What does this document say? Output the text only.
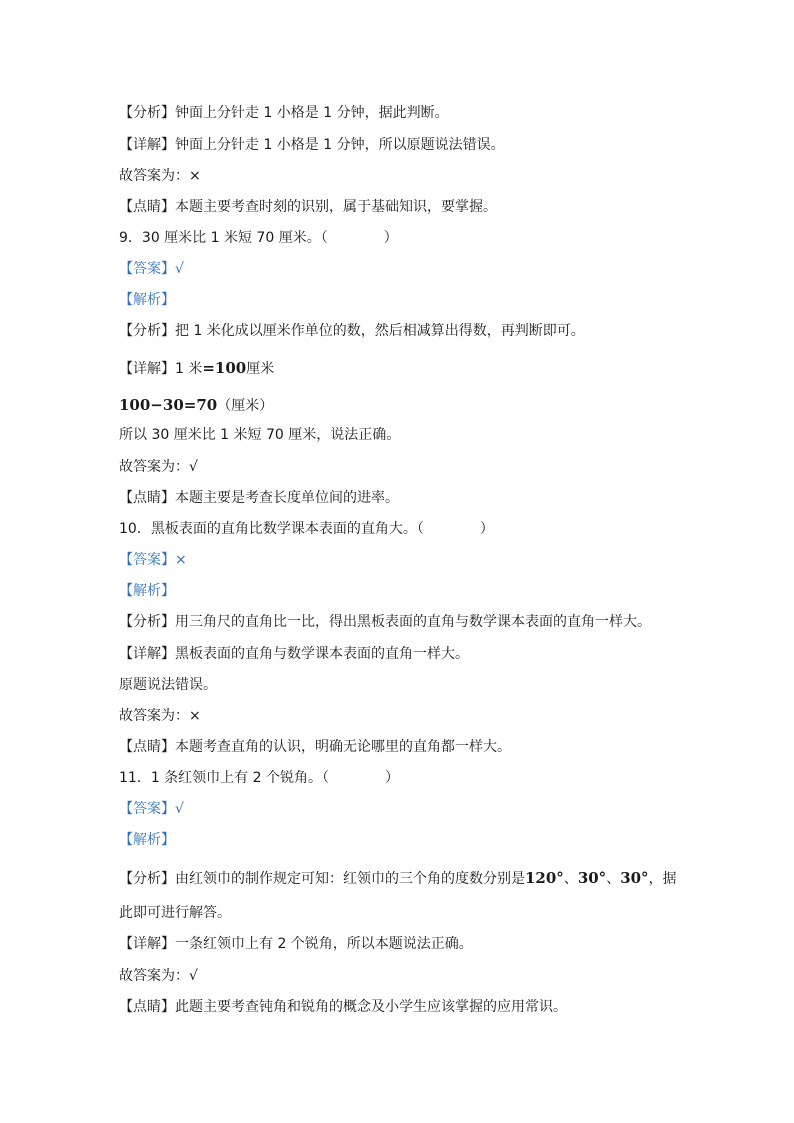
【分析】钟面上分针走 1 小格是 1 分钟，据此判断。
【详解】钟面上分针走 1 小格是 1 分钟，所以原题说法错误。
故答案为：×
【点睛】本题主要考查时刻的识别，属于基础知识，要掌握。
9．30 厘米比 1 米短 70 厘米。（　　　　）
【答案】√
【解析】
【分析】把 1 米化成以厘米作单位的数，然后相减算出得数，再判断即可。
【详解】1 米=100厘米
100−30=70（厘米）
所以 30 厘米比 1 米短 70 厘米，说法正确。
故答案为：√
【点睛】本题主要是考查长度单位间的进率。
10．黑板表面的直角比数学课本表面的直角大。（　　　　）
【答案】×
【解析】
【分析】用三角尺的直角比一比，得出黑板表面的直角与数学课本表面的直角一样大。
【详解】黑板表面的直角与数学课本表面的直角一样大。
原题说法错误。
故答案为：×
【点睛】本题考查直角的认识，明确无论哪里的直角都一样大。
11．1 条红领巾上有 2 个锐角。（　　　　）
【答案】√
【解析】
【分析】由红领巾的制作规定可知：红领巾的三个角的度数分别是120°、30°、30°，据
此即可进行解答。
【详解】一条红领巾上有 2 个锐角，所以本题说法正确。
故答案为：√
【点睛】此题主要考查钝角和锐角的概念及小学生应该掌握的应用常识。
